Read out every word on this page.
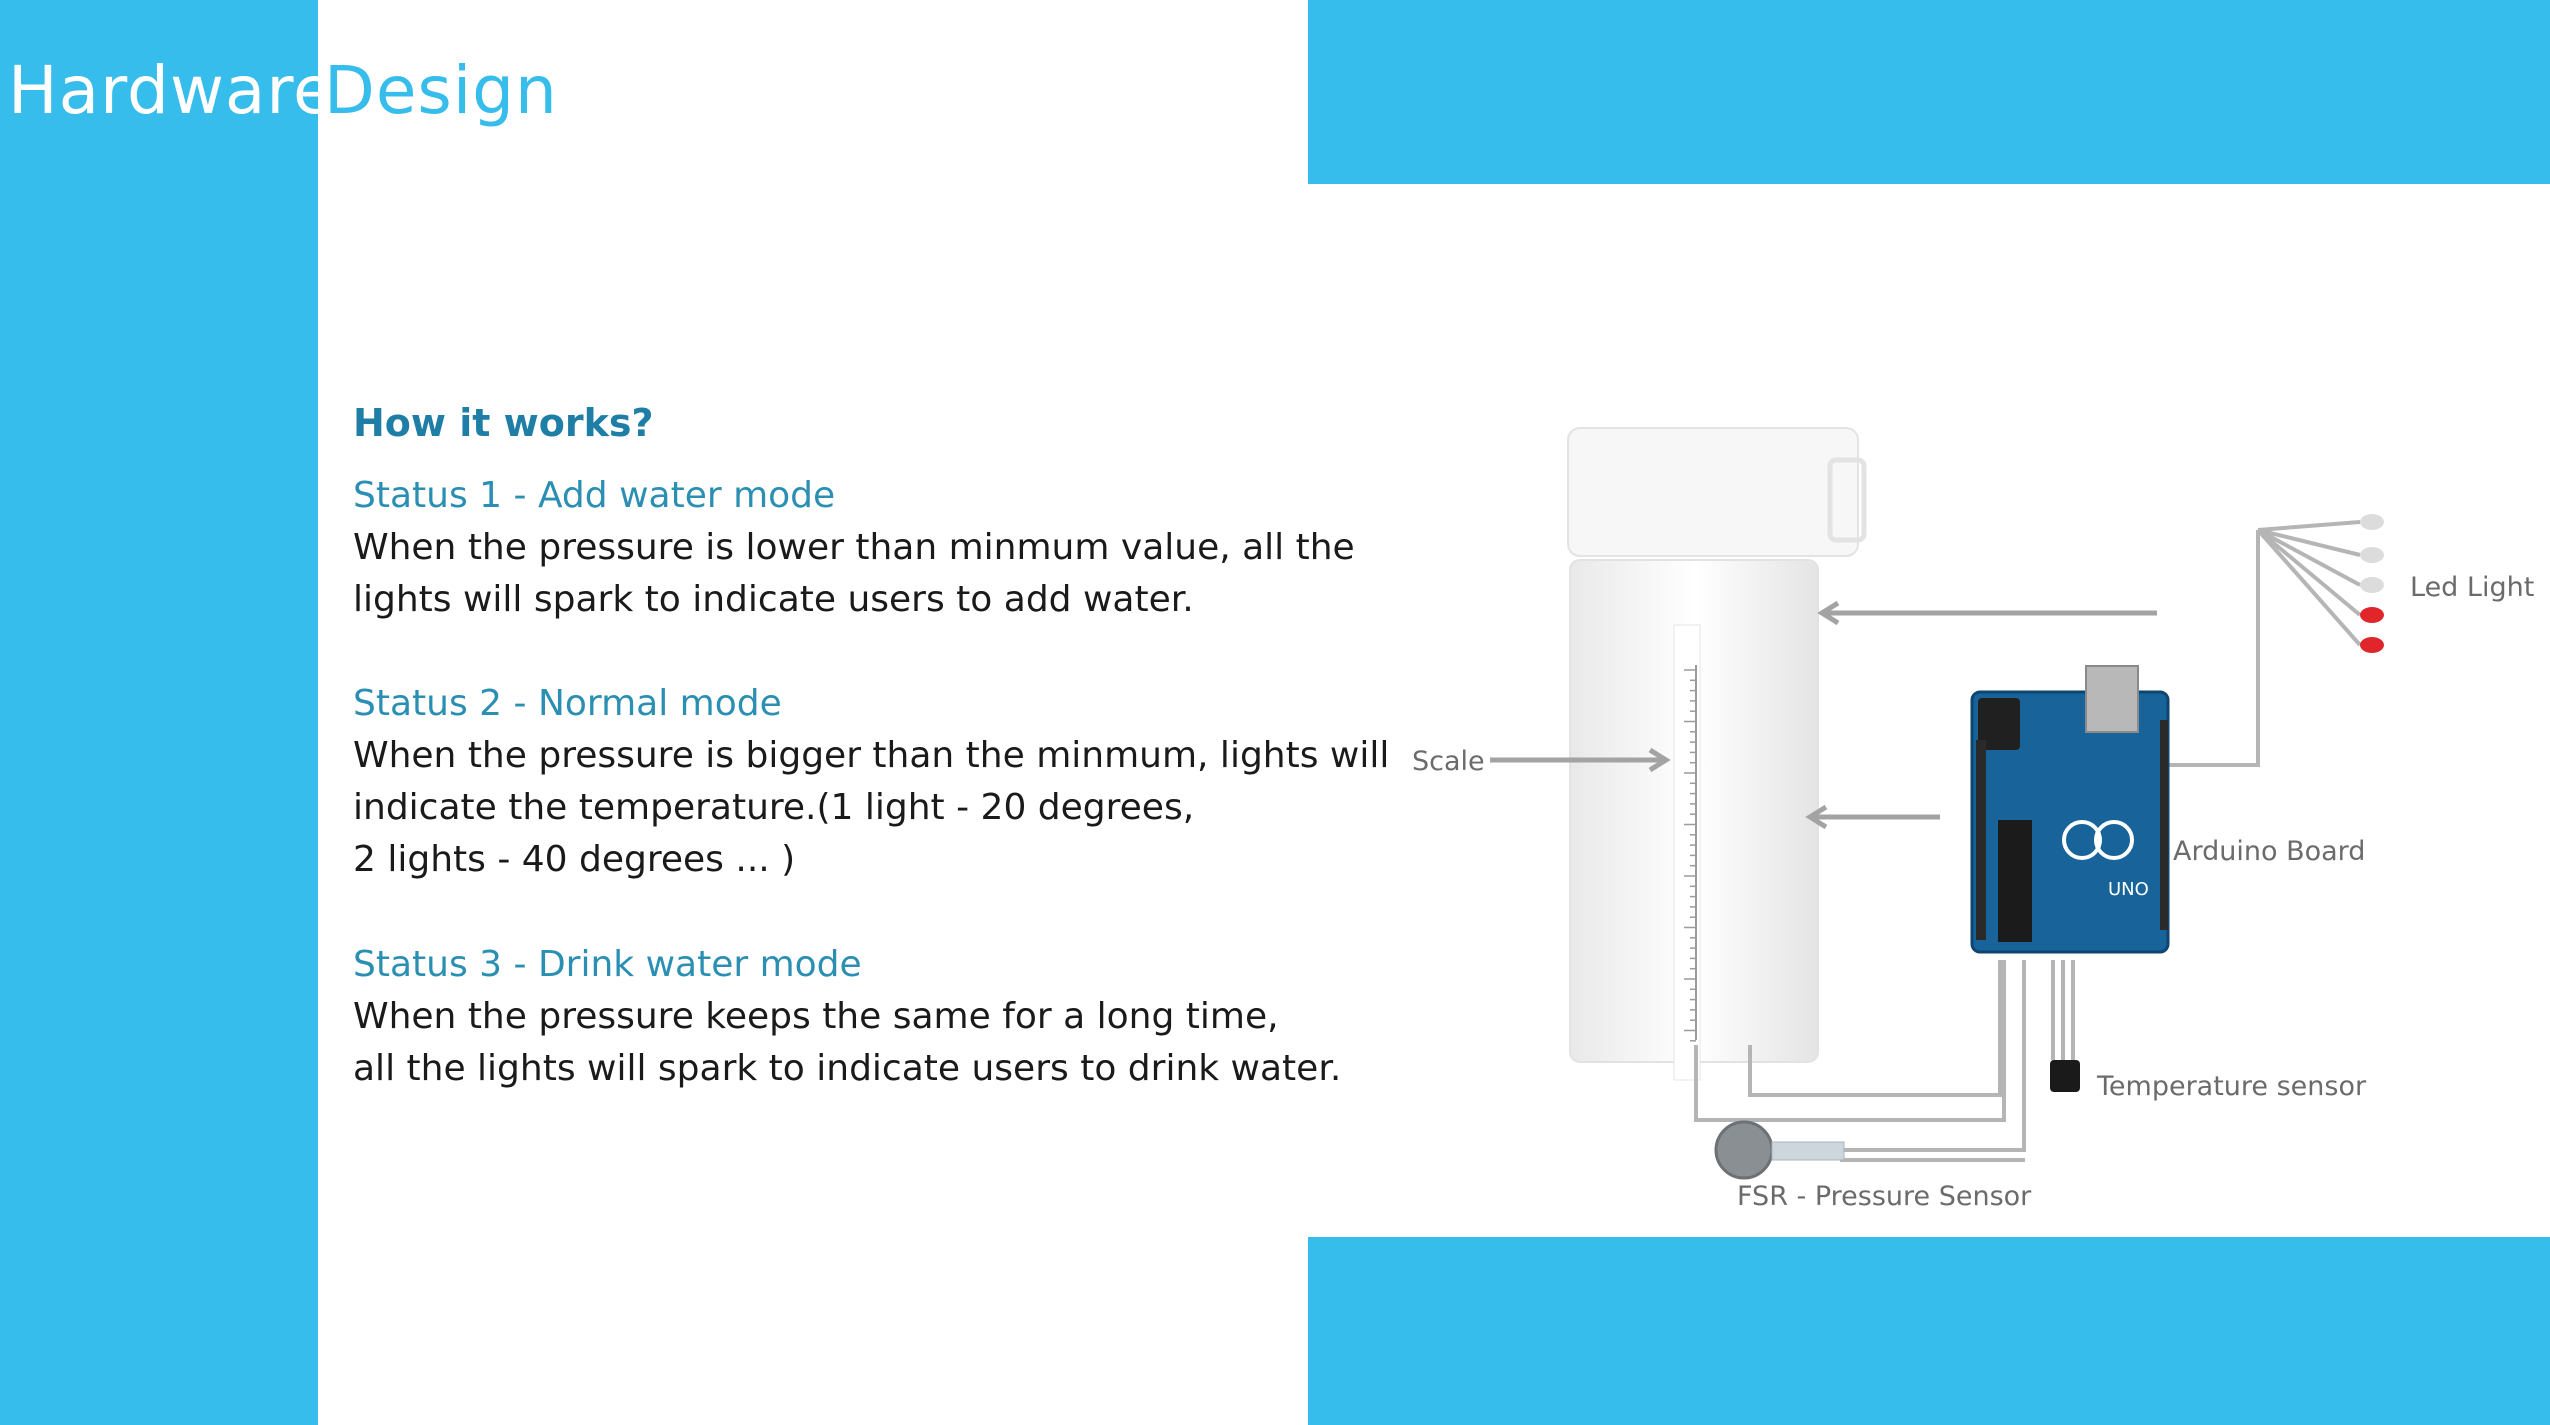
Hardware
Design
How it works?
Status 1 - Add water mode
When the pressure is lower than minmum value, all the
lights will spark to indicate users to add water.
Status 2 - Normal mode
When the pressure is bigger than the minmum, lights will
indicate the temperature.(1 light - 20 degrees,
2 lights - 40 degrees ... )
Status 3 - Drink water mode
When the pressure keeps the same for a long time,
all the lights will spark to indicate users to drink water.
UNO
Scale
Led Light
Arduino Board
Temperature sensor
FSR - Pressure Sensor
